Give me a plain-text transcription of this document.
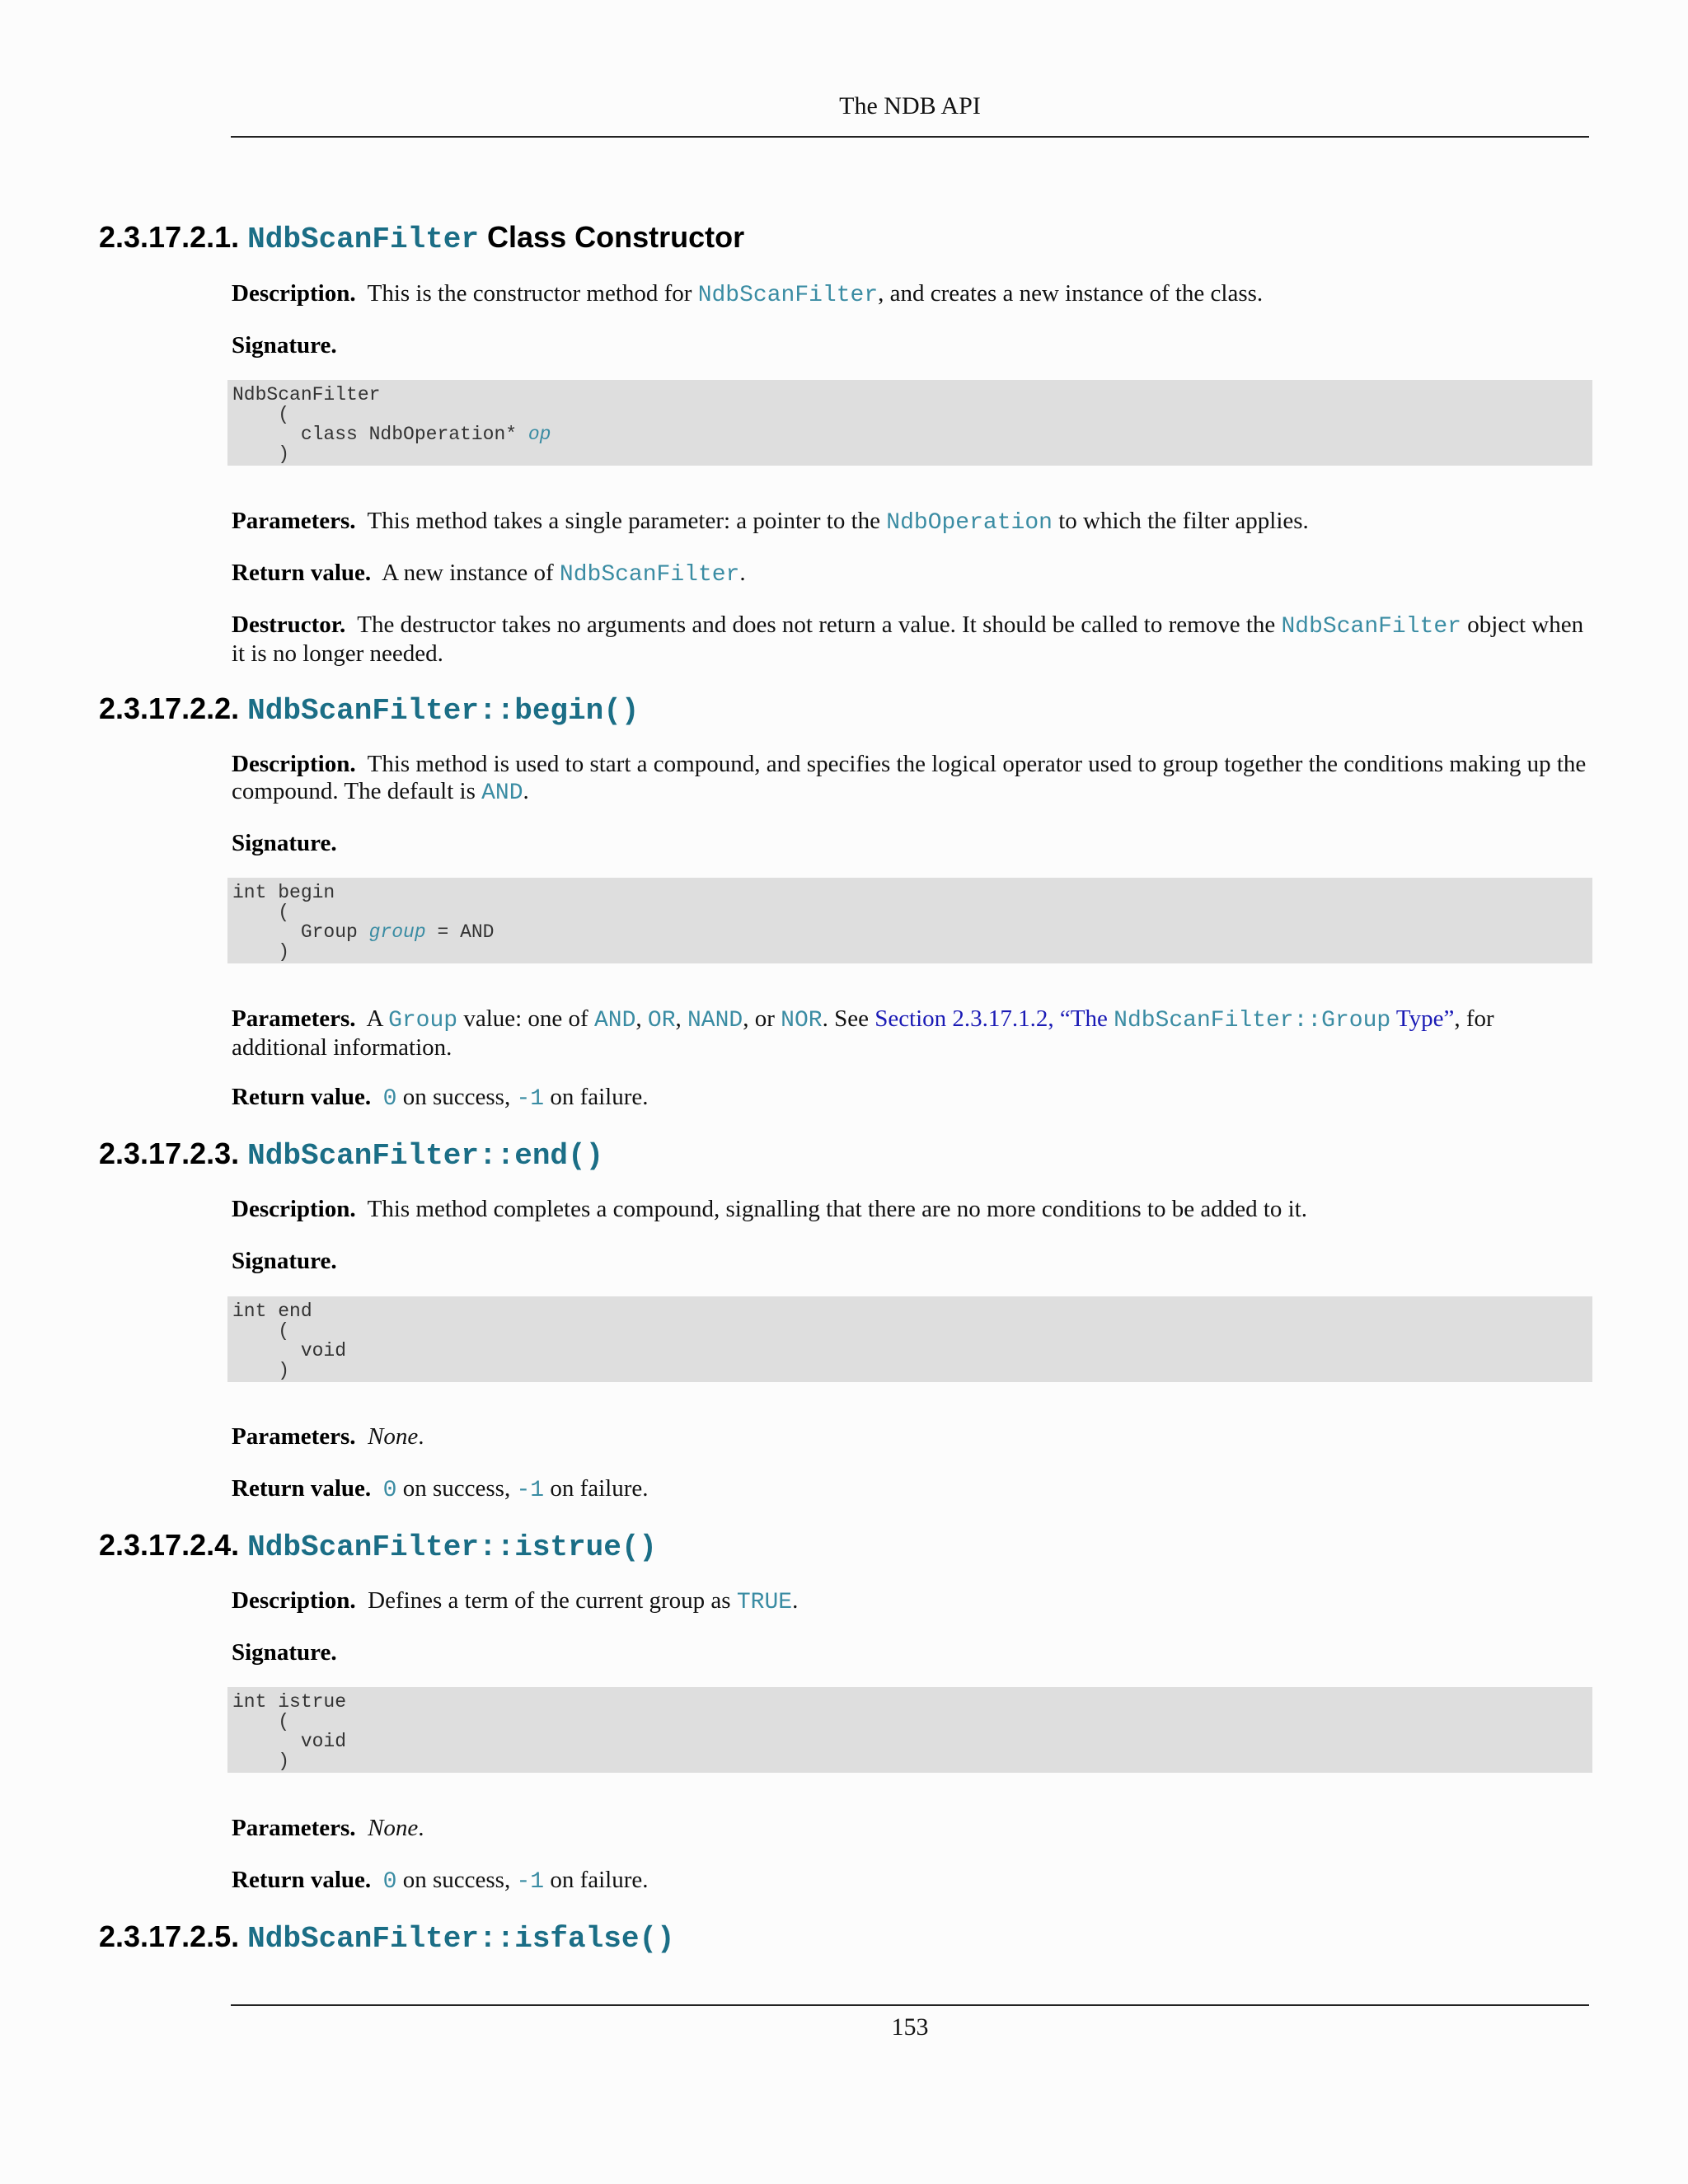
The NDB API
2.3.17.2.1. NdbScanFilter Class Constructor

Description. This is the constructor method for NdbScanFilter, and creates a new instance of the class.

Signature.

NdbScanFilter
(
class NdbOperation* op
)

Parameters. This method takes a single parameter: a pointer to the NdbOperation to which the filter applies.

Return value. A new instance of NdbScanFilter.

Destructor. The destructor takes no arguments and does not return a value. It should be called to remove the NdbScanFilter object when it is no longer needed.

2.3.17.2.2. NdbScanFilter::begin()

Description. This method is used to start a compound, and specifies the logical operator used to group together the conditions making up the compound. The default is AND.

Signature.

int begin
(
Group group = AND
)

Parameters. A Group value: one of AND, OR, NAND, or NOR. See Section 2.3.17.1.2, “The NdbScanFilter::Group Type”, for additional information.

Return value. 0 on success, -1 on failure.

2.3.17.2.3. NdbScanFilter::end()

Description. This method completes a compound, signalling that there are no more conditions to be added to it.

Signature.

int end
(
void
)

Parameters. None.

Return value. 0 on success, -1 on failure.

2.3.17.2.4. NdbScanFilter::istrue()

Description. Defines a term of the current group as TRUE.

Signature.

int istrue
(
void
)

Parameters. None.

Return value. 0 on success, -1 on failure.

2.3.17.2.5. NdbScanFilter::isfalse()
153
